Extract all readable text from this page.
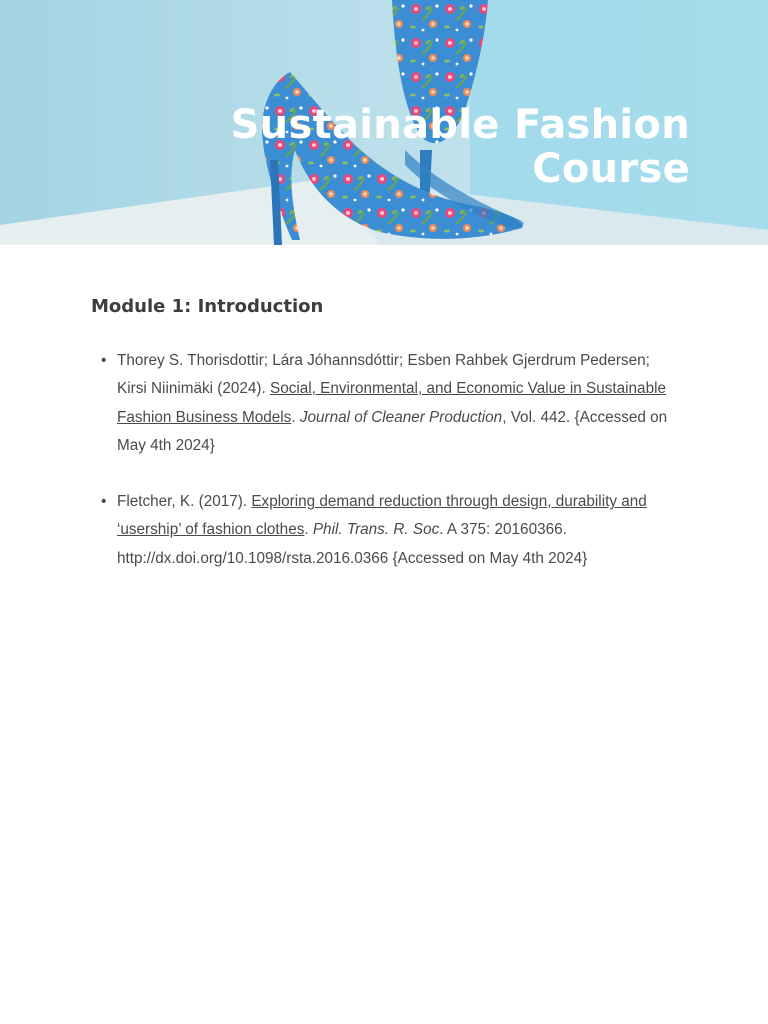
Sustainable Fashion
Course
Module 1: Introduction
• Thorey S. Thorisdottir; Lára Jóhannsdóttir; Esben Rahbek Gjerdrum Pedersen; Kirsi Niinimäki (2024). Social, Environmental, and Economic Value in Sustainable Fashion Business Models. Journal of Cleaner Production, Vol. 442. {Accessed on May 4th 2024}
• Fletcher, K. (2017). Exploring demand reduction through design, durability and ‘usership’ of fashion clothes. Phil. Trans. R. Soc. A 375: 20160366. http://dx.doi.org/10.1098/rsta.2016.0366 {Accessed on May 4th 2024}
